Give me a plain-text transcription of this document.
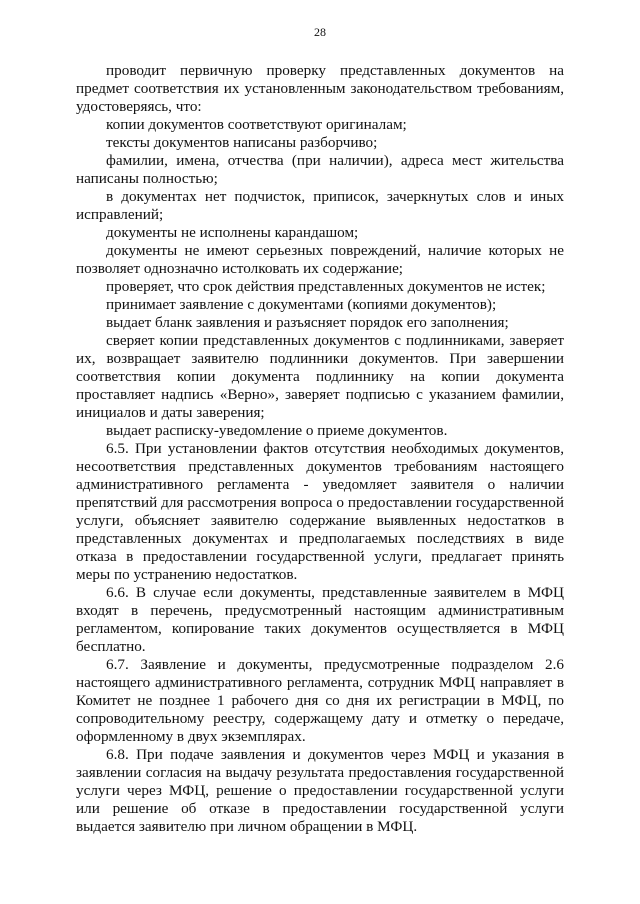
28

проводит первичную проверку представленных документов на предмет соответствия их установленным законодательством требованиям, удостоверяясь, что:

копии документов соответствуют оригиналам;

тексты документов написаны разборчиво;

фамилии, имена, отчества (при наличии), адреса мест жительства написаны полностью;

в документах нет подчисток, приписок, зачеркнутых слов и иных исправлений;

документы не исполнены карандашом;

документы не имеют серьезных повреждений, наличие которых не позволяет однозначно истолковать их содержание;

проверяет, что срок действия представленных документов не истек;

принимает заявление с документами (копиями документов);

выдает бланк заявления и разъясняет порядок его заполнения;

сверяет копии представленных документов с подлинниками, заверяет их, возвращает заявителю подлинники документов. При завершении соответствия копии документа подлиннику на копии документа проставляет надпись «Верно», заверяет подписью с указанием фамилии, инициалов и даты заверения;

выдает расписку-уведомление о приеме документов.

6.5. При установлении фактов отсутствия необходимых документов, несоответствия представленных документов требованиям настоящего административного регламента - уведомляет заявителя о наличии препятствий для рассмотрения вопроса о предоставлении государственной услуги, объясняет заявителю содержание выявленных недостатков в представленных документах и предполагаемых последствиях в виде отказа в предоставлении государственной услуги, предлагает принять меры по устранению недостатков.

6.6. В случае если документы, представленные заявителем в МФЦ входят в перечень, предусмотренный настоящим административным регламентом, копирование таких документов осуществляется в МФЦ бесплатно.

6.7. Заявление и документы, предусмотренные подразделом 2.6 настоящего административного регламента, сотрудник МФЦ направляет в Комитет не позднее 1 рабочего дня со дня их регистрации в МФЦ, по сопроводительному реестру, содержащему дату и отметку о передаче, оформленному в двух экземплярах.

6.8. При подаче заявления и документов через МФЦ и указания в заявлении согласия на выдачу результата предоставления государственной услуги через МФЦ, решение о предоставлении государственной услуги или решение об отказе в предоставлении государственной услуги выдается заявителю при личном обращении в МФЦ.
